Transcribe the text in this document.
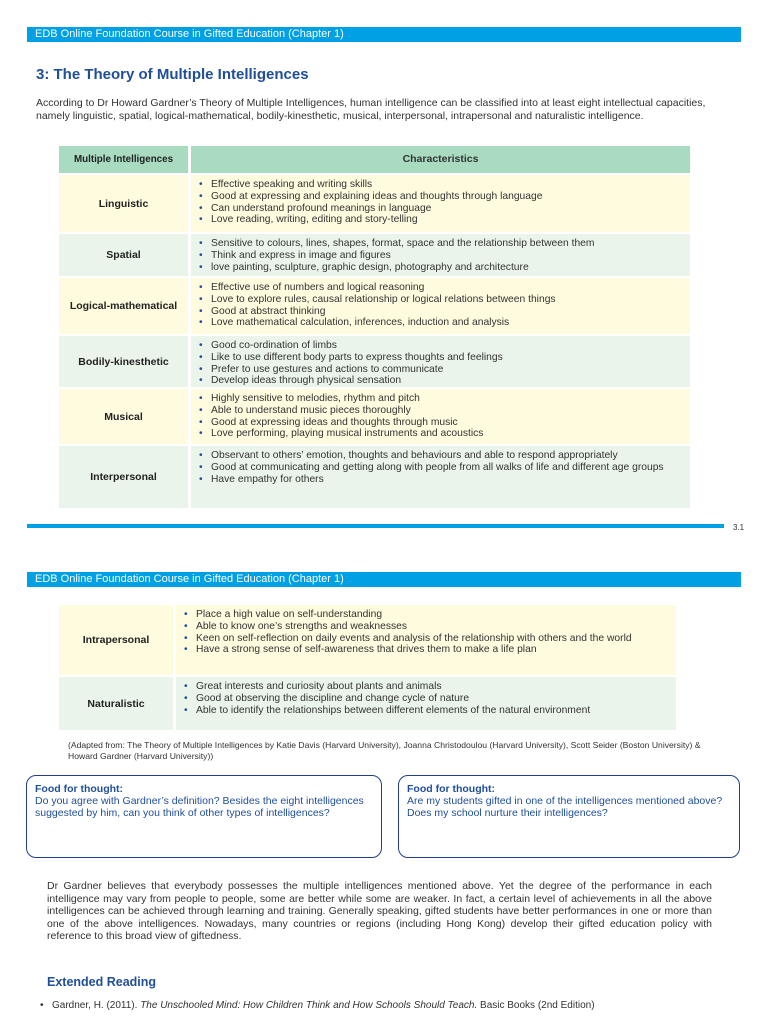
EDB Online Foundation Course in Gifted Education (Chapter 1)
3: The Theory of Multiple Intelligences
According to Dr Howard Gardner’s Theory of Multiple Intelligences, human intelligence can be classified into at least eight intellectual capacities, namely linguistic, spatial, logical-mathematical, bodily-kinesthetic, musical, interpersonal, intrapersonal and naturalistic intelligence.
Multiple Intelligences	Characteristics
Linguistic
• Effective speaking and writing skills
• Good at expressing and explaining ideas and thoughts through language
• Can understand profound meanings in language
• Love reading, writing, editing and story-telling
Spatial
• Sensitive to colours, lines, shapes, format, space and the relationship between them
• Think and express in image and figures
• love painting, sculpture, graphic design, photography and architecture
Logical-mathematical
• Effective use of numbers and logical reasoning
• Love to explore rules, causal relationship or logical relations between things
• Good at abstract thinking
• Love mathematical calculation, inferences, induction and analysis
Bodily-kinesthetic
• Good co-ordination of limbs
• Like to use different body parts to express thoughts and feelings
• Prefer to use gestures and actions to communicate
• Develop ideas through physical sensation
Musical
• Highly sensitive to melodies, rhythm and pitch
• Able to understand music pieces thoroughly
• Good at expressing ideas and thoughts through music
• Love performing, playing musical instruments and acoustics
Interpersonal
• Observant to others’ emotion, thoughts and behaviours and able to respond appropriately
• Good at communicating and getting along with people from all walks of life and different age groups
• Have empathy for others
3.1
EDB Online Foundation Course in Gifted Education (Chapter 1)
Intrapersonal
• Place a high value on self-understanding
• Able to know one’s strengths and weaknesses
• Keen on self-reflection on daily events and analysis of the relationship with others and the world
• Have a strong sense of self-awareness that drives them to make a life plan
Naturalistic
• Great interests and curiosity about plants and animals
• Good at observing the discipline and change cycle of nature
• Able to identify the relationships between different elements of the natural environment
(Adapted from: The Theory of Multiple Intelligences by Katie Davis (Harvard University), Joanna Christodoulou (Harvard University), Scott Seider (Boston University) & Howard Gardner (Harvard University))
Food for thought:
Do you agree with Gardner’s definition? Besides the eight intelligences suggested by him, can you think of other types of intelligences?
Food for thought:
Are my students gifted in one of the intelligences mentioned above? Does my school nurture their intelligences?
Dr Gardner believes that everybody possesses the multiple intelligences mentioned above. Yet the degree of the performance in each intelligence may vary from people to people, some are better while some are weaker. In fact, a certain level of achievements in all the above intelligences can be achieved through learning and training. Generally speaking, gifted students have better performances in one or more than one of the above intelligences. Nowadays, many countries or regions (including Hong Kong) develop their gifted education policy with reference to this broad view of giftedness.
Extended Reading
• Gardner, H. (2011). The Unschooled Mind: How Children Think and How Schools Should Teach. Basic Books (2nd Edition)
